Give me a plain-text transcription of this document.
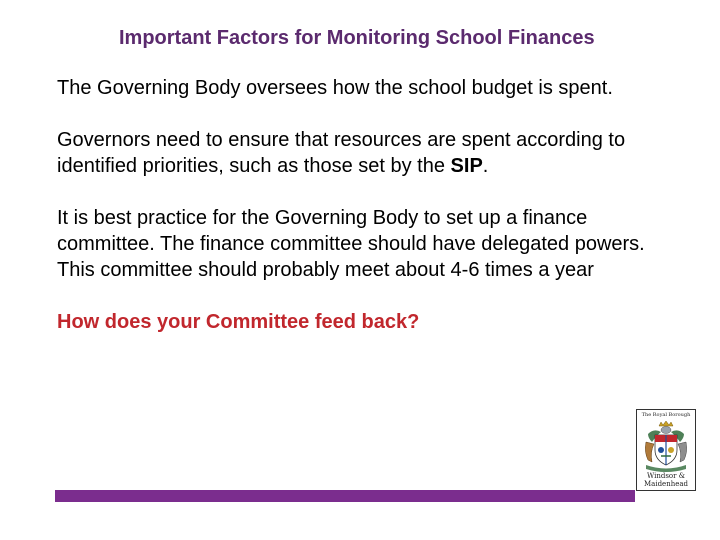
Important Factors for Monitoring School Finances

The Governing Body oversees how the school budget is spent.

Governors need to ensure that resources are spent according to identified priorities, such as those set by the SIP.

It is best practice for the Governing Body to set up a finance committee. The finance committee should have delegated powers. This committee should probably meet about 4-6 times a year

How does your Committee feed back?

The Royal Borough
Windsor &
Maidenhead
